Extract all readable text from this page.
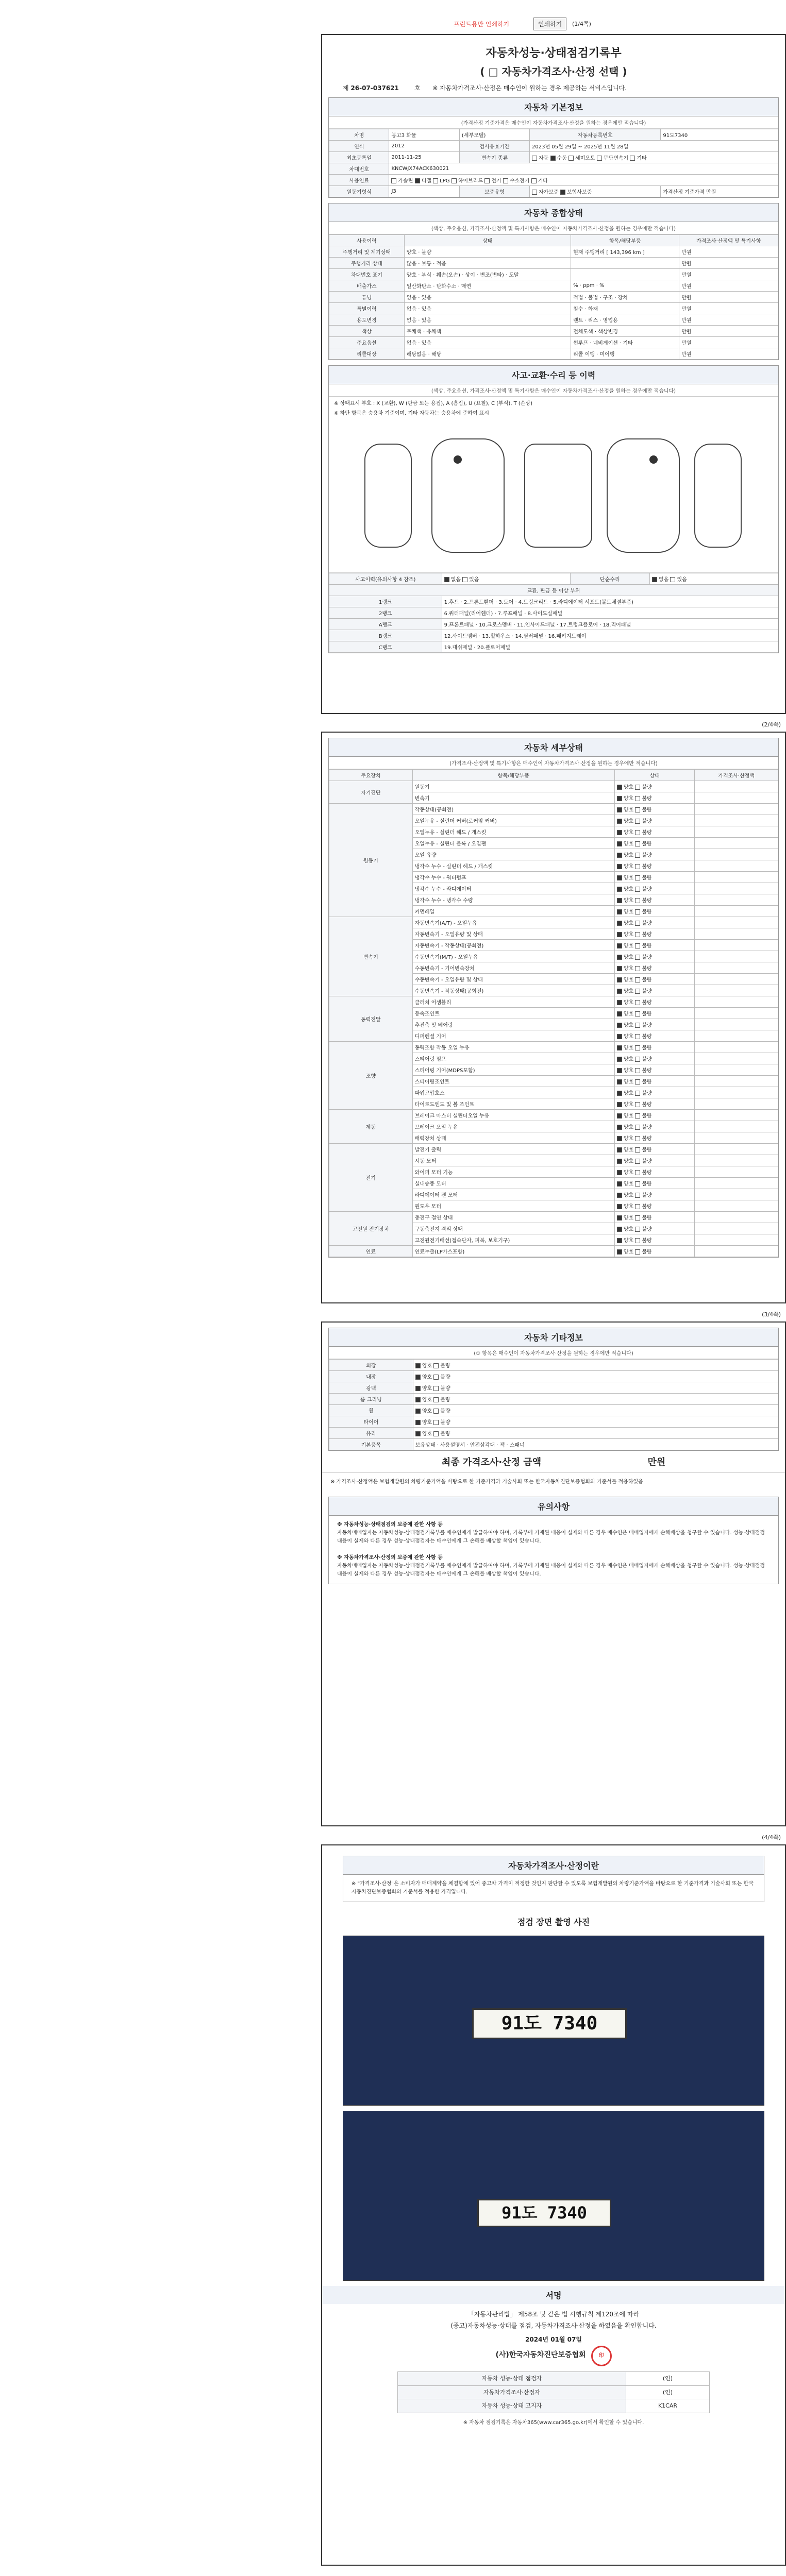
프린트용만 인쇄하기	인쇄하기	(1/4쪽)
자동차성능·상태점검기록부
( □ 자동차가격조사·산정 선택 )
제 26-07-037621	호 ※ 자동차가격조사·산정은 매수인이 원하는 경우 제공하는 서비스입니다.
자동차 기본정보
(가격산정 기준가격은 매수인이 자동차가격조사·산정을 원하는 경우에만 적습니다)
차명	봉고3 화물	(세부모델)	자동차등록번호	91도7340
연식	2012	검사유효기간	2023년 05월 29일 ~ 2025년 11월 28일	
최초등록일	2011-11-25	변속기 종류	자동 수동 세미오토 무단변속기 기타	
차대번호	KNCWJX74ACK630021			
사용연료	가솔린 디젤 LPG 하이브리드 전기 수소전기 기타			
원동기형식	J3	보증유형	자가보증 보험사보증	가격산정 기준가격 만원
자동차 종합상태
(색상, 주요옵션, 가격조사·산정액 및 특기사항은 매수인이 자동차가격조사·산정을 원하는 경우에만 적습니다)
사용이력	상태	항목/해당부품	가격조사·산정액 및 특기사항
주행거리 및 계기상태	양호 · 불량	현재 주행거리 [ 143,396 km ]	만원
주행거리 상태	많음 · 보통 · 적음		만원
차대번호 표기	양호 · 부식 · 훼손(오손) · 상이 · 변조(변타) · 도말		만원
배출가스	일산화탄소 · 탄화수소 · 매연	% · ppm · %	만원
튜닝	없음 · 있음	적법 · 불법 · 구조 · 장치	만원
특별이력	없음 · 있음	침수 · 화재	만원
용도변경	없음 · 있음	렌트 · 리스 · 영업용	만원
색상	무채색 · 유채색	전체도색 · 색상변경	만원
주요옵션	없음 · 있음	썬루프 · 네비게이션 · 기타	만원
리콜대상	해당없음 · 해당	리콜 이행 · 미이행	만원
사고·교환·수리 등 이력
(색상, 주요옵션, 가격조사·산정액 및 특기사항은 매수인이 자동차가격조사·산정을 원하는 경우에만 적습니다)
※ 상태표시 부호 : X (교환), W (판금 또는 용접), A (흠집), U (요철), C (부식), T (손상)
※ 하단 항목은 승용차 기준이며, 기타 자동차는 승용차에 준하여 표시
사고이력(유의사항 4 참조)	없음 있음	단순수리	없음 있음
교환, 판금 등 이상 부위			
1랭크	1.후드 · 2.프론트휀더 · 3.도어 · 4.트렁크리드 · 5.라디에이터 서포트(볼트체결부품)		
2랭크	6.쿼터패널(리어휀더) · 7.루프패널 · 8.사이드실패널		
A랭크	9.프론트패널 · 10.크로스멤버 · 11.인사이드패널 · 17.트렁크플로어 · 18.리어패널		
B랭크	12.사이드멤버 · 13.휠하우스 · 14.필러패널 · 16.패키지트레이		
C랭크	19.대쉬패널 · 20.플로어패널		
(2/4쪽)
자동차 세부상태
(가격조사·산정액 및 특기사항은 매수인이 자동차가격조사·산정을 원하는 경우에만 적습니다)
주요장치	항목/해당부품	상태	가격조사·산정액
자기진단	원동기	양호 불량	
	변속기	양호 불량	
원동기	작동상태(공회전)	양호 불량	
	오일누유 - 실린더 커버(로커암 커버)	양호 불량	
	오일누유 - 실린더 헤드 / 개스킷	양호 불량	
	오일누유 - 실린더 블록 / 오일팬	양호 불량	
	오일 유량	양호 불량	
	냉각수 누수 - 실린더 헤드 / 개스킷	양호 불량	
	냉각수 누수 - 워터펌프	양호 불량	
	냉각수 누수 - 라디에이터	양호 불량	
	냉각수 누수 - 냉각수 수량	양호 불량	
	커먼레일	양호 불량	
변속기	자동변속기(A/T) - 오일누유	양호 불량	
	자동변속기 - 오일유량 및 상태	양호 불량	
	자동변속기 - 작동상태(공회전)	양호 불량	
	수동변속기(M/T) - 오일누유	양호 불량	
	수동변속기 - 기어변속장치	양호 불량	
	수동변속기 - 오일유량 및 상태	양호 불량	
	수동변속기 - 작동상태(공회전)	양호 불량	
동력전달	클러치 어셈블리	양호 불량	
	등속조인트	양호 불량	
	추진축 및 베어링	양호 불량	
	디퍼렌셜 기어	양호 불량	
조향	동력조향 작동 오일 누유	양호 불량	
	스티어링 펌프	양호 불량	
	스티어링 기어(MDPS포함)	양호 불량	
	스티어링조인트	양호 불량	
	파워고압호스	양호 불량	
	타이로드엔드 및 볼 조인트	양호 불량	
제동	브레이크 마스터 실린더오일 누유	양호 불량	
	브레이크 오일 누유	양호 불량	
	배력장치 상태	양호 불량	
전기	발전기 출력	양호 불량	
	시동 모터	양호 불량	
	와이퍼 모터 기능	양호 불량	
	실내송풍 모터	양호 불량	
	라디에이터 팬 모터	양호 불량	
	윈도우 모터	양호 불량	
고전원 전기장치	충전구 절연 상태	양호 불량	
	구동축전지 격리 상태	양호 불량	
	고전원전기배선(접속단자, 피복, 보호기구)	양호 불량	
연료	연료누출(LP가스포함)	양호 불량	
(3/4쪽)
자동차 기타정보
(① 항목은 매수인이 자동차가격조사·산정을 원하는 경우에만 적습니다)
외장	양호 불량
내장	양호 불량
광택	양호 불량
룸 크리닝	양호 불량
휠	양호 불량
타이어	양호 불량
유리	양호 불량
기본품목	보유상태 · 사용설명서 · 안전삼각대 · 잭 · 스패너
최종 가격조사·산정 금액	만원
※ 가격조사·산정액은 보험개발원의 차량기준가액을 바탕으로 한 기준가격과 기술사회 또는 한국자동차진단보증협회의 기준서를 적용하였음
유의사항
※ 자동차성능·상태점검의 보증에 관한 사항 등
자동차매매업자는 자동차성능·상태점검기록부를 매수인에게 발급하여야 하며, 기록부에 기재된 내용이 실제와 다른 경우 매수인은 매매업자에게 손해배상을 청구할 수 있습니다. 성능·상태점검 내용이 실제와 다른 경우 성능·상태점검자는 매수인에게 그 손해를 배상할 책임이 있습니다.

※ 자동차가격조사·산정의 보증에 관한 사항 등
자동차매매업자는 자동차성능·상태점검기록부를 매수인에게 발급하여야 하며, 기록부에 기재된 내용이 실제와 다른 경우 매수인은 매매업자에게 손해배상을 청구할 수 있습니다. 성능·상태점검 내용이 실제와 다른 경우 성능·상태점검자는 매수인에게 그 손해를 배상할 책임이 있습니다.
(4/4쪽)
자동차가격조사·산정이란
※ "가격조사·산정"은 소비자가 매매계약을 체결함에 있어 중고차 가격이 적정한 것인지 판단할 수 있도록 보험개발원의 차량기준가액을 바탕으로 한 기준가격과 기술사회 또는 한국자동차진단보증협회의 기준서를 적용한 가격입니다.
점검 장면 촬영 사진
91도 7340
91도 7340
서명
「자동차관리법」 제58조 및 같은 법 시행규칙 제120조에 따라
(중고)자동차성능·상태를 점검, 자동차가격조사·산정을 하였음을 확인합니다.
2024년 01월 07일
(사)한국자동차진단보증협회	印
자동차 성능·상태 점검자	(인)
자동차가격조사·산정자	(인)
자동차 성능·상태 고지자	K1CAR
※ 자동차 점검기록은 자동차365(www.car365.go.kr)에서 확인할 수 있습니다.
